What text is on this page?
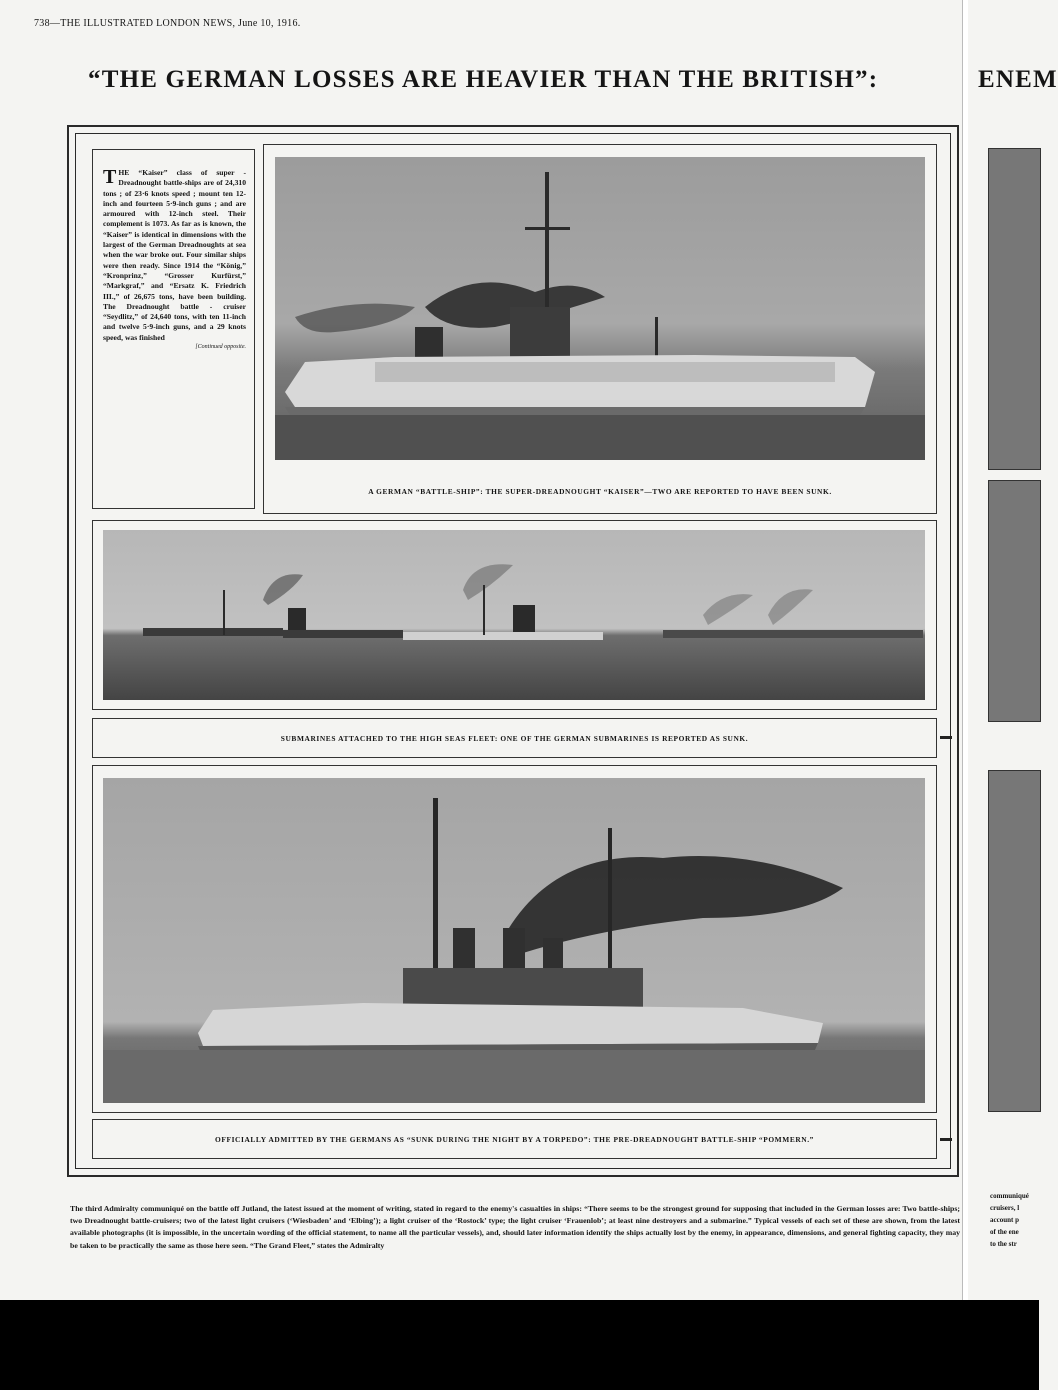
738—THE ILLUSTRATED LONDON NEWS, June 10, 1916.
“THE GERMAN LOSSES ARE HEAVIER THAN THE BRITISH”:	ENEM
THE “Kaiser” class of super - Dreadnought battle-ships are of 24,310 tons ; of 23·6 knots speed ; mount ten 12-inch and fourteen 5·9-inch guns ; and are armoured with 12-inch steel. Their complement is 1073. As far as is known, the “Kaiser” is identical in dimensions with the largest of the German Dreadnoughts at sea when the war broke out. Four similar ships were then ready. Since 1914 the “König,” “Kronprinz,” “Grosser Kurfürst,” “Markgraf,” and “Ersatz K. Friedrich III.,” of 26,675 tons, have been building. The Dreadnought battle - cruiser “Seydlitz,” of 24,640 tons, with ten 11-inch and twelve 5·9-inch guns, and a 29 knots speed, was finished
[Continued opposite.
A GERMAN “BATTLE-SHIP”: THE SUPER-DREADNOUGHT “KAISER”—TWO ARE REPORTED TO HAVE BEEN SUNK.
SUBMARINES ATTACHED TO THE HIGH SEAS FLEET: ONE OF THE GERMAN SUBMARINES IS REPORTED AS SUNK.
OFFICIALLY ADMITTED BY THE GERMANS AS “SUNK DURING THE NIGHT BY A TORPEDO”: THE PRE-DREADNOUGHT BATTLE-SHIP “POMMERN.”
The third Admiralty communiqué on the battle off Jutland, the latest issued at the moment of writing, stated in regard to the enemy's casualties in ships: “There seems to be the strongest ground for supposing that included in the German losses are: Two battle-ships; two Dreadnought battle-cruisers; two of the latest light cruisers (‘Wiesbaden’ and ‘Elbing’); a light cruiser of the ‘Rostock’ type; the light cruiser ‘Frauenlob’; at least nine destroyers and a submarine.” Typical vessels of each set of these are shown, from the latest available photographs (it is impossible, in the uncertain wording of the official statement, to name all the particular vessels), and, should later information identify the ships actually lost by the enemy, in appearance, dimensions, and general fighting capacity, they may be taken to be practically the same as those here seen. “The Grand Fleet,” states the Admiralty
communiqué
cruisers, l
account p
of the ene
to the str
